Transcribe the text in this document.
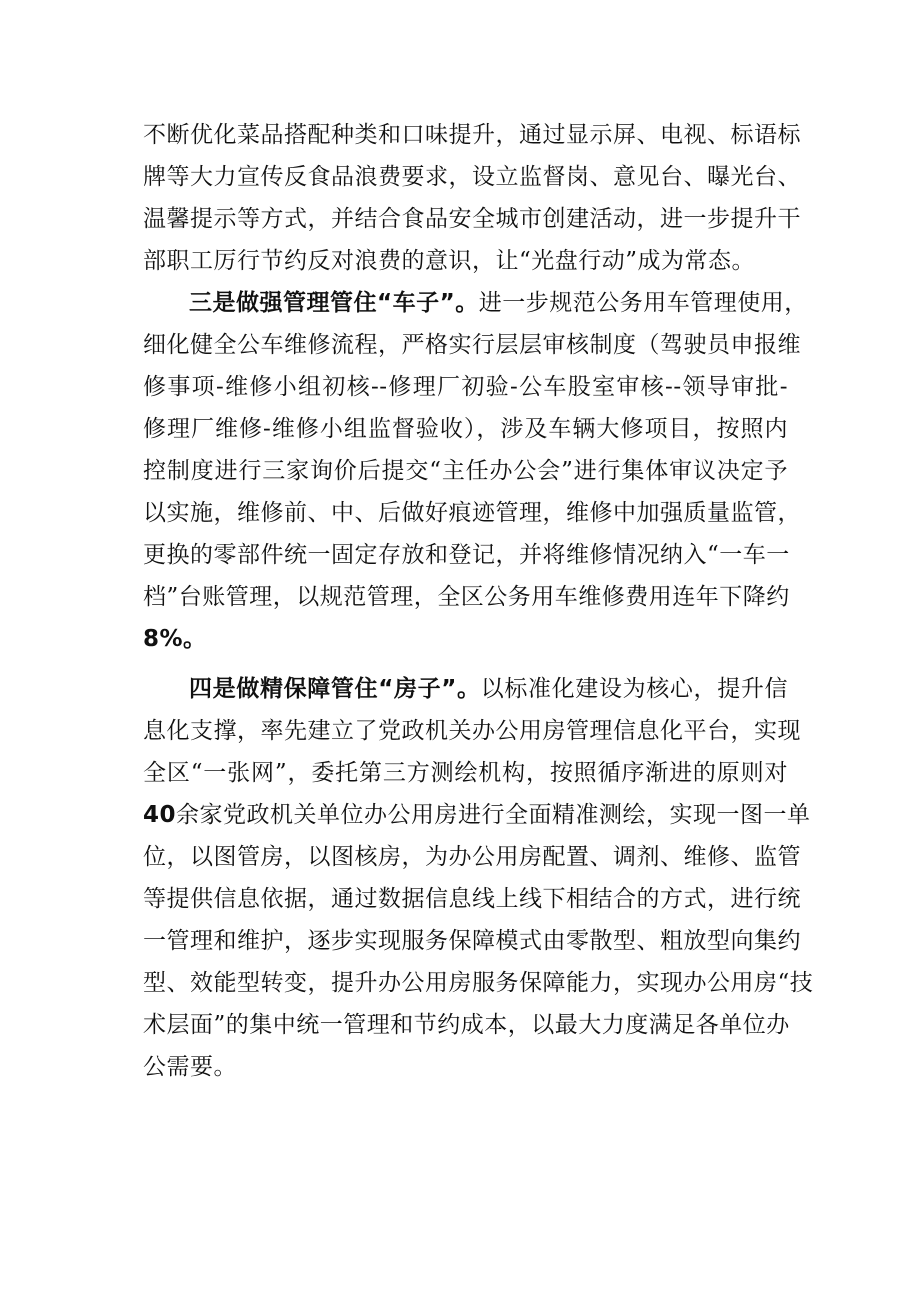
不断优化菜品搭配种类和口味提升，通过显示屏、电视、标语标
牌等大力宣传反食品浪费要求，设立监督岗、意见台、曝光台、
温馨提示等方式，并结合食品安全城市创建活动，进一步提升干
部职工厉行节约反对浪费的意识，让“光盘行动”成为常态。
三是做强管理管住“车子”。进一步规范公务用车管理使用，
细化健全公车维修流程，严格实行层层审核制度（驾驶员申报维
修事项-维修小组初核--修理厂初验-公车股室审核--领导审批-
修理厂维修-维修小组监督验收），涉及车辆大修项目，按照内
控制度进行三家询价后提交“主任办公会”进行集体审议决定予
以实施，维修前、中、后做好痕迹管理，维修中加强质量监管，
更换的零部件统一固定存放和登记，并将维修情况纳入“一车一
档”台账管理，以规范管理，全区公务用车维修费用连年下降约
8%。
四是做精保障管住“房子”。以标准化建设为核心，提升信
息化支撑，率先建立了党政机关办公用房管理信息化平台，实现
全区“一张网”，委托第三方测绘机构，按照循序渐进的原则对
40余家党政机关单位办公用房进行全面精准测绘，实现一图一单
位，以图管房，以图核房，为办公用房配置、调剂、维修、监管
等提供信息依据，通过数据信息线上线下相结合的方式，进行统
一管理和维护，逐步实现服务保障模式由零散型、粗放型向集约
型、效能型转变，提升办公用房服务保障能力，实现办公用房“技
术层面”的集中统一管理和节约成本，以最大力度满足各单位办
公需要。
